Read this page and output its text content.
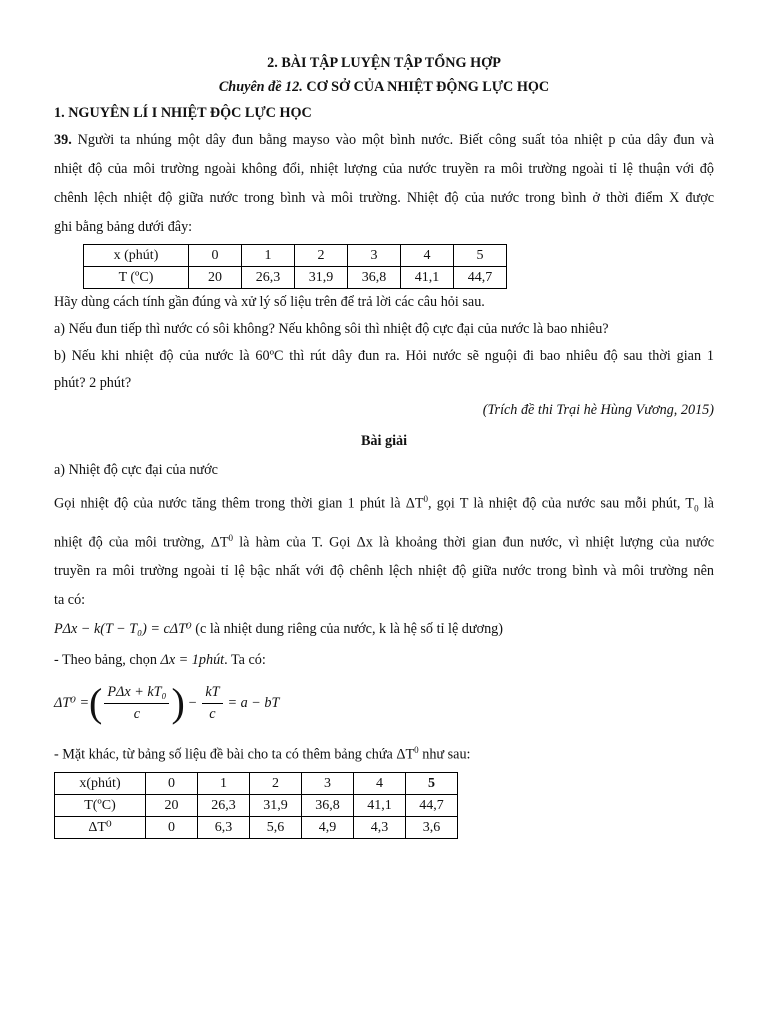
2. BÀI TẬP LUYỆN TẬP TỔNG HỢP

Chuyên đề 12. CƠ SỞ CỦA NHIỆT ĐỘNG LỰC HỌC

1. NGUYÊN LÍ I NHIỆT ĐỘC LỰC HỌC

39. Người ta nhúng một dây đun bằng mayso vào một bình nước. Biết công suất tỏa nhiệt p của dây đun và

nhiệt độ của môi trường ngoài không đổi, nhiệt lượng của nước truyền ra môi trường ngoài tỉ lệ thuận với độ

chênh lệch nhiệt độ giữa nước trong bình và môi trường. Nhiệt độ của nước trong bình ở thời điểm X được

ghi bằng bảng dưới đây:

x (phút)	0	1	2	3	4	5
T (ºC)	20	26,3	31,9	36,8	41,1	44,7

Hãy dùng cách tính gần đúng và xử lý số liệu trên để trả lời các câu hỏi sau.

a) Nếu đun tiếp thì nước có sôi không? Nếu không sôi thì nhiệt độ cực đại của nước là bao nhiêu?

b) Nếu khi nhiệt độ của nước là 60ºC thì rút dây đun ra. Hỏi nước sẽ nguội đi bao nhiêu độ sau thời gian 1

phút? 2 phút?

(Trích đề thi Trại hè Hùng Vương, 2015)

Bài giải

a) Nhiệt độ cực đại của nước

Gọi nhiệt độ của nước tăng thêm trong thời gian 1 phút là $\Delta T^0$, gọi T là nhiệt độ của nước sau mỗi phút, $T_0$ là

nhiệt độ của môi trường, $\Delta T^0$ là hàm của T. Gọi Δx là khoảng thời gian đun nước, vì nhiệt lượng của nước

truyền ra môi trường ngoài tỉ lệ bậc nhất với độ chênh lệch nhiệt độ giữa nước trong bình và môi trường nên

ta có:

PΔx − k(T − T₀) = cΔT⁰ (c là nhiệt dung riêng của nước, k là hệ số tỉ lệ dương)

- Theo bảng, chọn Δx = 1phút. Ta có:

ΔT⁰ = ( $\frac{\text{PΔx + kT₀}}{c}$ ) − $\frac{kT}{c} = a$ − bT

- Mặt khác, từ bảng số liệu đề bài cho ta có thêm bảng chứa $\Delta T^0$ như sau:

x(phút)	0	1	2	3	4	5
T(ºC)	20	26,3	31,9	36,8	41,1	44,7
ΔT⁰	0	6,3	5,6	4,9	4,3	3,6
